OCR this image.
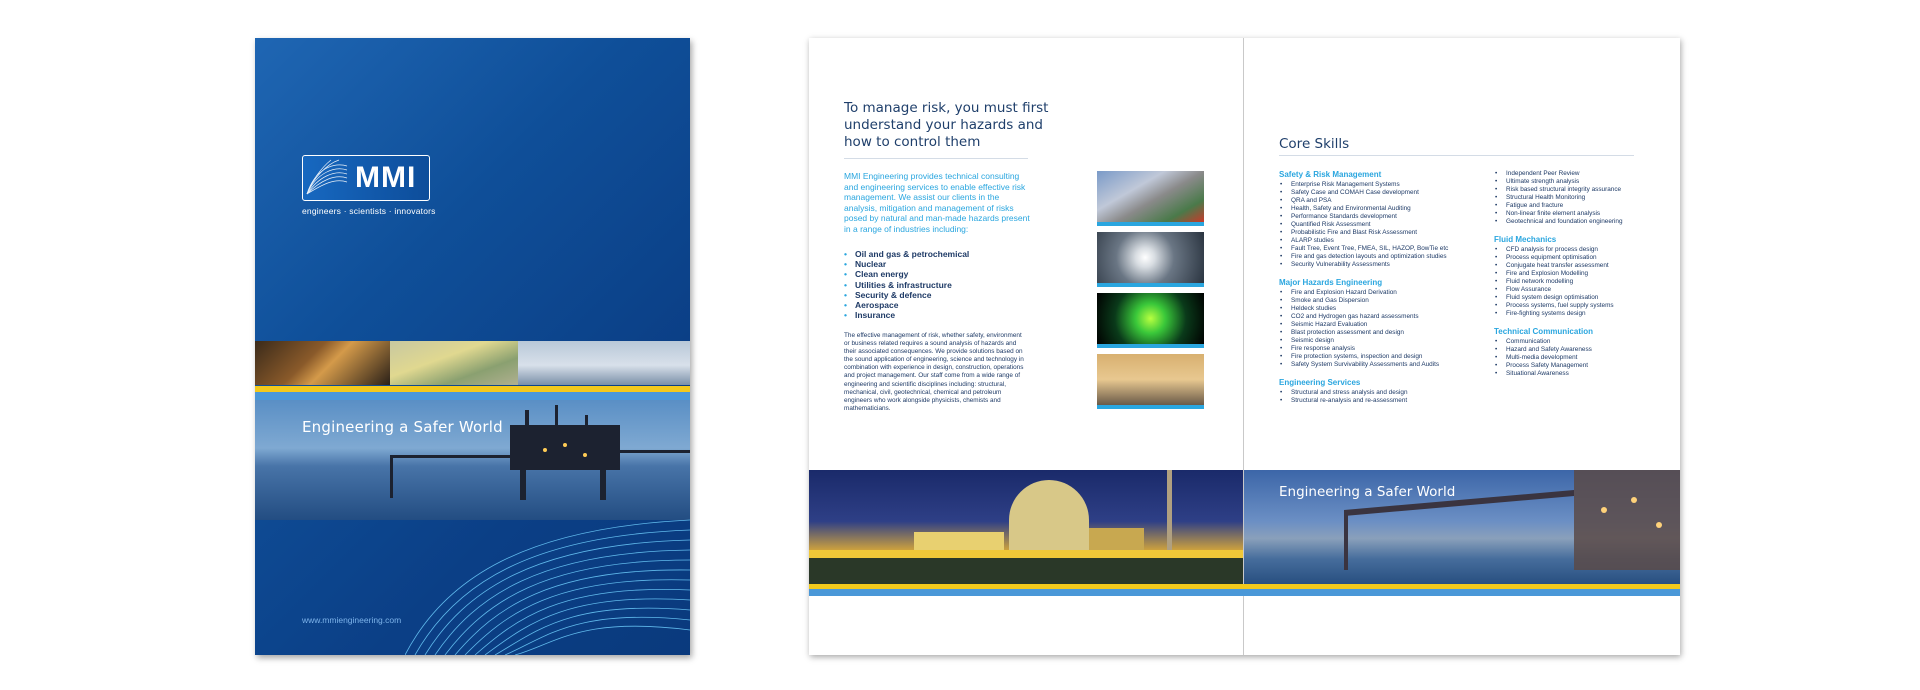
MMI
engineers · scientists · innovators
Engineering a Safer World
www.mmiengineering.com
To manage risk, you must first understand your hazards and how to control them
MMI Engineering provides technical consulting and engineering services to enable effective risk management. We assist our clients in the analysis, mitigation and management of risks posed by natural and man-made hazards present in a range of industries including:
• Oil and gas & petrochemical
• Nuclear
• Clean energy
• Utilities & infrastructure
• Security & defence
• Aerospace
• Insurance
The effective management of risk, whether safety, environment or business related requires a sound analysis of hazards and their associated consequences. We provide solutions based on the sound application of engineering, science and technology in combination with experience in design, construction, operations and project management. Our staff come from a wide range of engineering and scientific disciplines including: structural, mechanical, civil, geotechnical, chemical and petroleum engineers who work alongside physicists, chemists and mathematicians.
Core Skills
Safety & Risk Management
• Enterprise Risk Management Systems
• Safety Case and COMAH Case development
• QRA and PSA
• Health, Safety and Environmental Auditing
• Performance Standards development
• Quantified Risk Assessment
• Probabilistic Fire and Blast Risk Assessment
• ALARP studies
• Fault Tree, Event Tree, FMEA, SIL, HAZOP, BowTie etc
• Fire and gas detection layouts and optimization studies
• Security Vulnerability Assessments
Major Hazards Engineering
• Fire and Explosion Hazard Derivation
• Smoke and Gas Dispersion
• Heldeck studies
• CO2 and Hydrogen gas hazard assessments
• Seismic Hazard Evaluation
• Blast protection assessment and design
• Seismic design
• Fire response analysis
• Fire protection systems, inspection and design
• Safety System Survivability Assessments and Audits
Engineering Services
• Structural and stress analysis and design
• Structural re-analysis and re-assessment
• Independent Peer Review
• Ultimate strength analysis
• Risk based structural integrity assurance
• Structural Health Monitoring
• Fatigue and fracture
• Non-linear finite element analysis
• Geotechnical and foundation engineering
Fluid Mechanics
• CFD analysis for process design
• Process equipment optimisation
• Conjugate heat transfer assessment
• Fire and Explosion Modelling
• Fluid network modelling
• Flow Assurance
• Fluid system design optimisation
• Process systems, fuel supply systems
• Fire-fighting systems design
Technical Communication
• Communication
• Hazard and Safety Awareness
• Multi-media development
• Process Safety Management
• Situational Awareness
Engineering a Safer World
